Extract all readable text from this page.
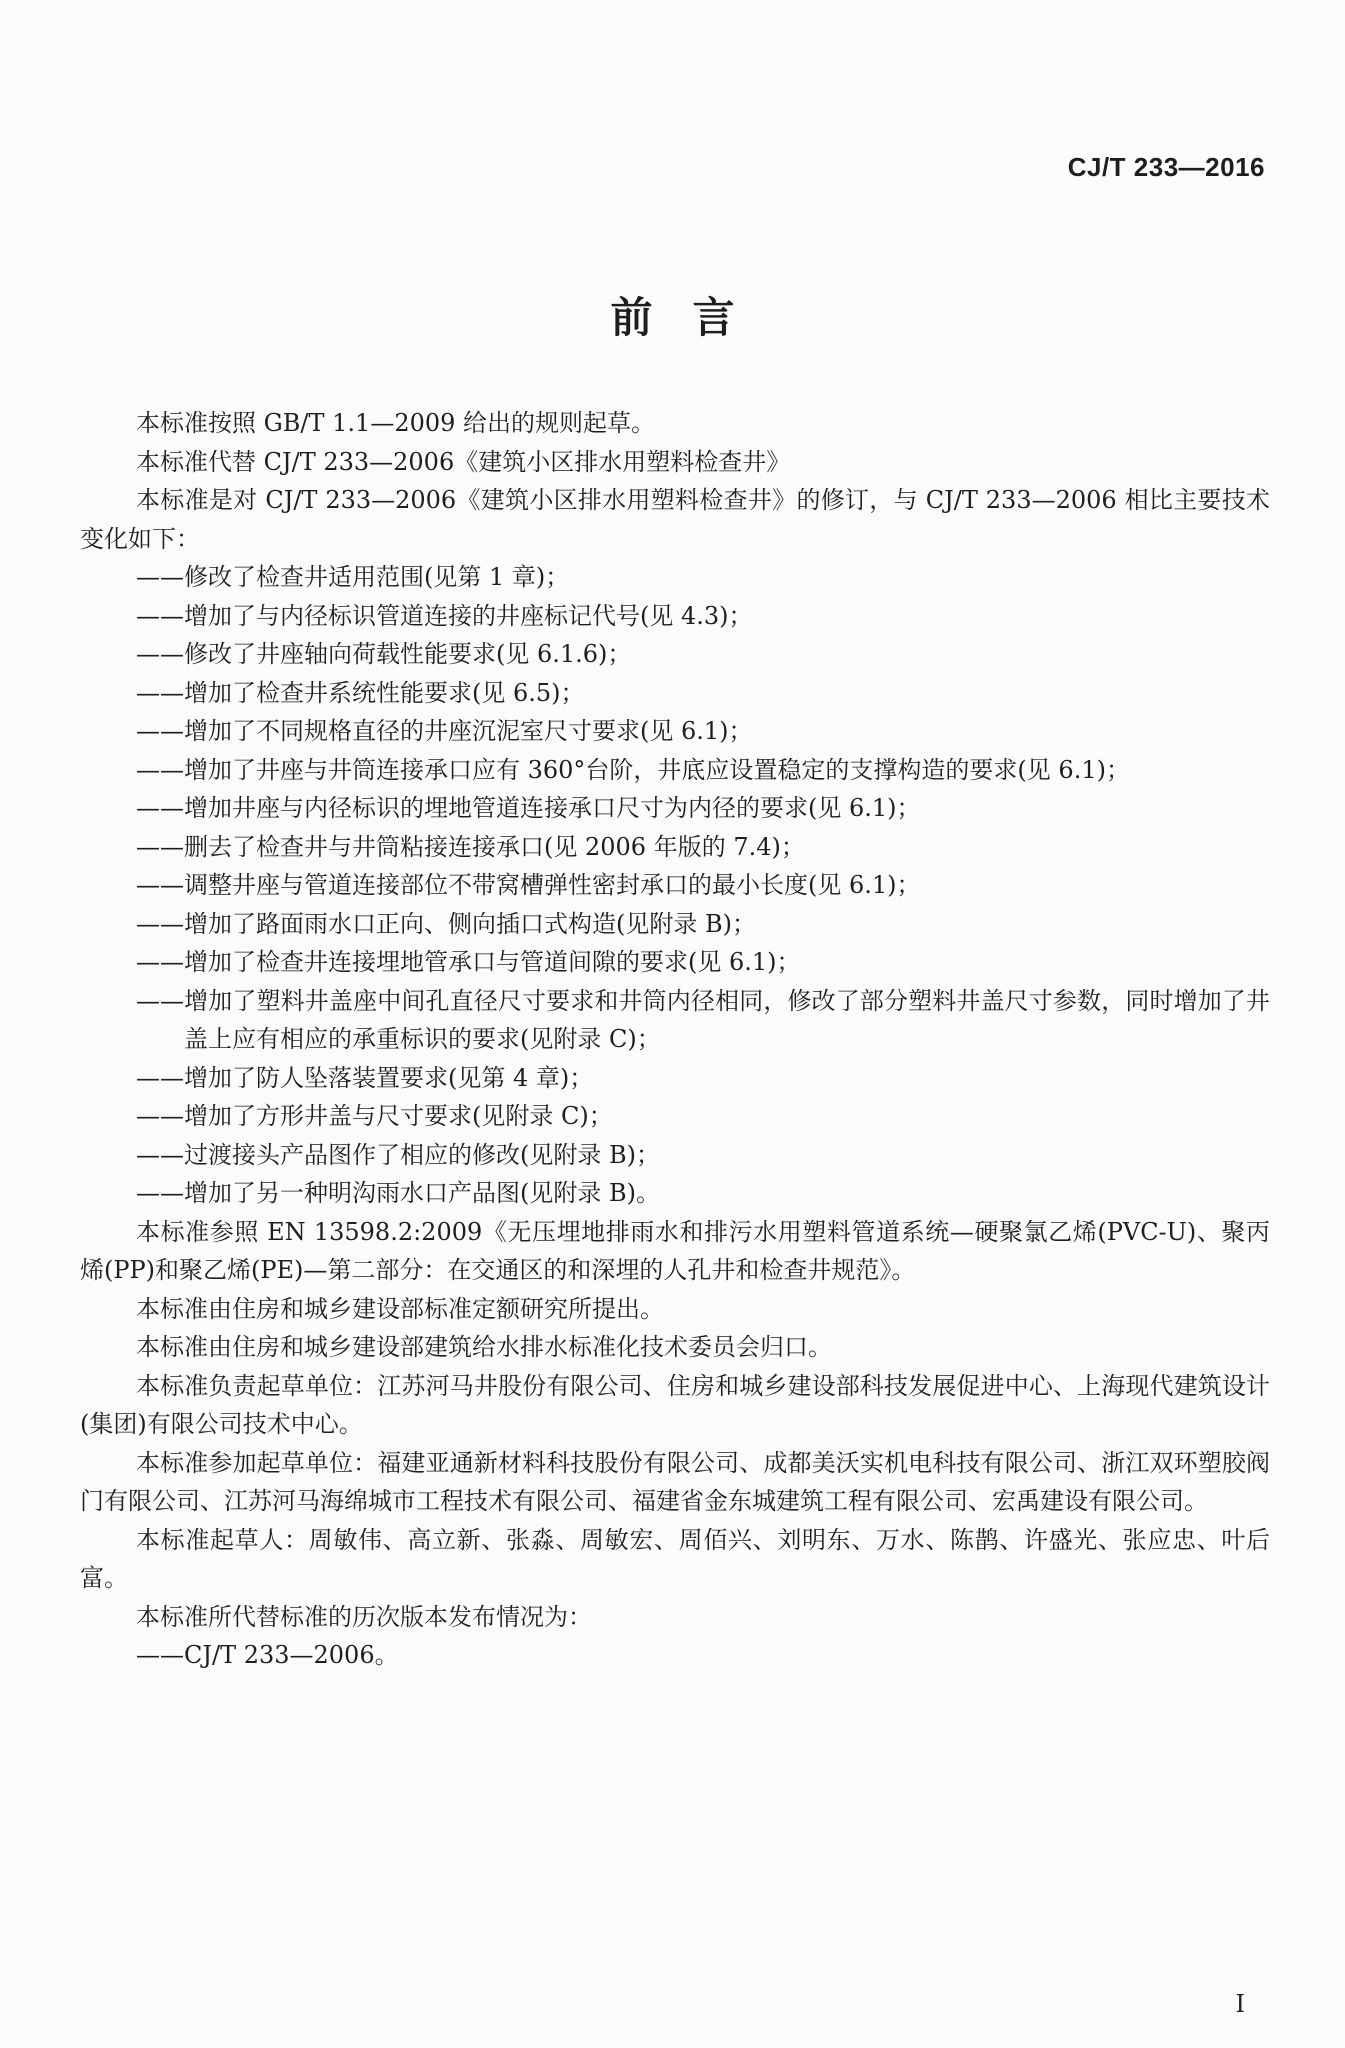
CJ/T 233—2016
前言

本标准按照 GB/T 1.1—2009 给出的规则起草。

本标准代替 CJ/T 233—2006《建筑小区排水用塑料检查井》

本标准是对 CJ/T 233—2006《建筑小区排水用塑料检查井》的修订，与 CJ/T 233—2006 相比主要技术变化如下：

——修改了检查井适用范围(见第 1 章)；

——增加了与内径标识管道连接的井座标记代号(见 4.3)；

——修改了井座轴向荷载性能要求(见 6.1.6)；

——增加了检查井系统性能要求(见 6.5)；

——增加了不同规格直径的井座沉泥室尺寸要求(见 6.1)；

——增加了井座与井筒连接承口应有 360°台阶，井底应设置稳定的支撑构造的要求(见 6.1)；

——增加井座与内径标识的埋地管道连接承口尺寸为内径的要求(见 6.1)；

——删去了检查井与井筒粘接连接承口(见 2006 年版的 7.4)；

——调整井座与管道连接部位不带窝槽弹性密封承口的最小长度(见 6.1)；

——增加了路面雨水口正向、侧向插口式构造(见附录 B)；

——增加了检查井连接埋地管承口与管道间隙的要求(见 6.1)；

——增加了塑料井盖座中间孔直径尺寸要求和井筒内径相同，修改了部分塑料井盖尺寸参数，同时增加了井盖上应有相应的承重标识的要求(见附录 C)；

——增加了防人坠落装置要求(见第 4 章)；

——增加了方形井盖与尺寸要求(见附录 C)；

——过渡接头产品图作了相应的修改(见附录 B)；

——增加了另一种明沟雨水口产品图(见附录 B)。

本标准参照 EN 13598.2:2009《无压埋地排雨水和排污水用塑料管道系统—硬聚氯乙烯(PVC-U)、聚丙烯(PP)和聚乙烯(PE)—第二部分：在交通区的和深埋的人孔井和检查井规范》。

本标准由住房和城乡建设部标准定额研究所提出。

本标准由住房和城乡建设部建筑给水排水标准化技术委员会归口。

本标准负责起草单位：江苏河马井股份有限公司、住房和城乡建设部科技发展促进中心、上海现代建筑设计(集团)有限公司技术中心。

本标准参加起草单位：福建亚通新材料科技股份有限公司、成都美沃实机电科技有限公司、浙江双环塑胶阀门有限公司、江苏河马海绵城市工程技术有限公司、福建省金东城建筑工程有限公司、宏禹建设有限公司。

本标准起草人：周敏伟、高立新、张淼、周敏宏、周佰兴、刘明东、万水、陈鹊、许盛光、张应忠、叶后富。

本标准所代替标准的历次版本发布情况为：

——CJ/T 233—2006。

I
